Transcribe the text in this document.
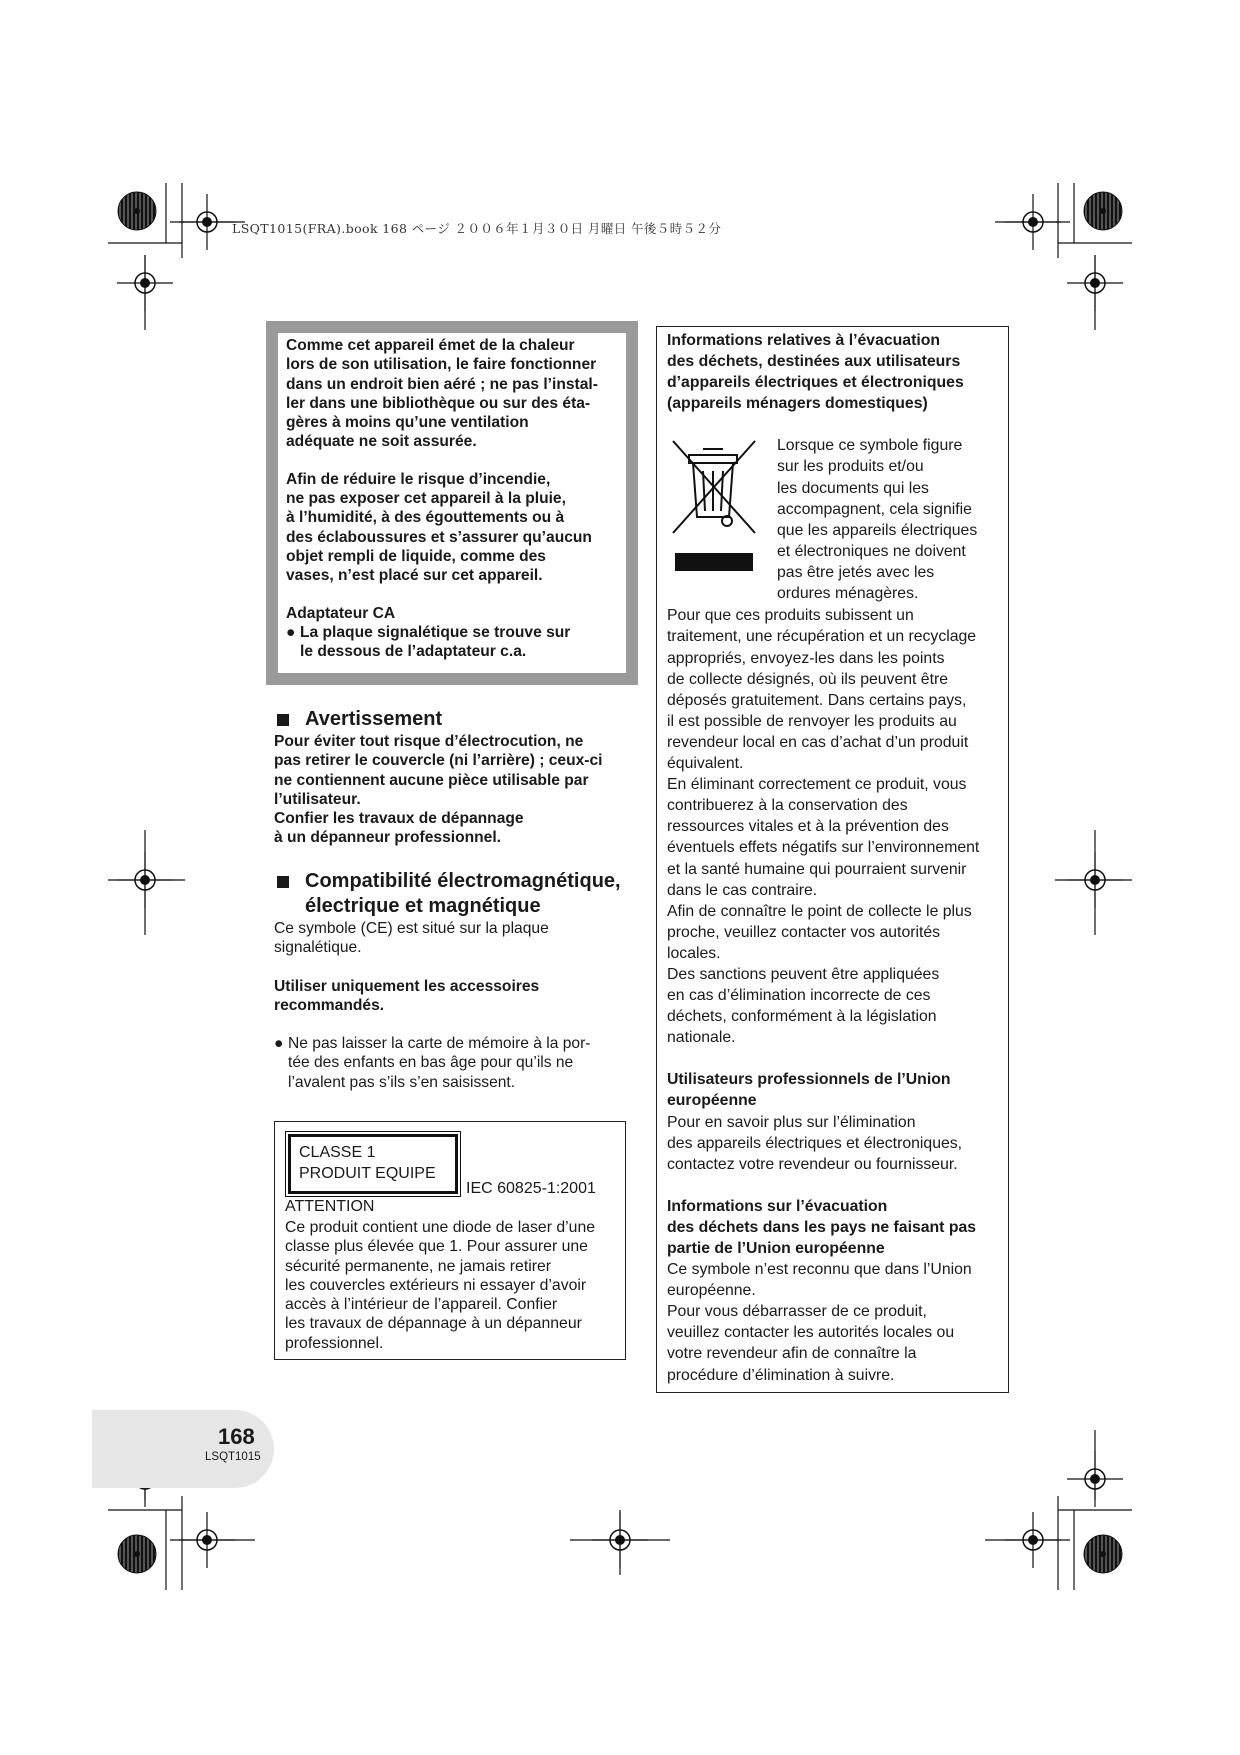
LSQT1015(FRA).book 168 ページ ２００６年１月３０日 月曜日 午後５時５２分

Comme cet appareil émet de la chaleur
lors de son utilisation, le faire fonctionner
dans un endroit bien aéré ; ne pas l’instal-
ler dans une bibliothèque ou sur des éta-
gères à moins qu’une ventilation
adéquate ne soit assurée.

Afin de réduire le risque d’incendie,
ne pas exposer cet appareil à la pluie,
à l’humidité, à des égouttements ou à
des éclaboussures et s’assurer qu’aucun
objet rempli de liquide, comme des
vases, n’est placé sur cet appareil.

Adaptateur CA
● La plaque signalétique se trouve sur
le dessous de l’adaptateur c.a.
Avertissement
Pour éviter tout risque d’électrocution, ne
pas retirer le couvercle (ni l’arrière) ; ceux-ci
ne contiennent aucune pièce utilisable par
l’utilisateur.
Confier les travaux de dépannage
à un dépanneur professionnel.
Compatibilité électromagnétique,
électrique et magnétique
Ce symbole (CE) est situé sur la plaque
signalétique.
Utiliser uniquement les accessoires
recommandés.
● Ne pas laisser la carte de mémoire à la por-
tée des enfants en bas âge pour qu’ils ne
l’avalent pas s’ils s’en saisissent.
CLASSE 1
PRODUIT EQUIPE
IEC 60825-1:2001
ATTENTION
Ce produit contient une diode de laser d’une
classe plus élevée que 1. Pour assurer une
sécurité permanente, ne jamais retirer
les couvercles extérieurs ni essayer d’avoir
accès à l’intérieur de l’appareil. Confier
les travaux de dépannage à un dépanneur
professionnel.
Informations relatives à l’évacuation
des déchets, destinées aux utilisateurs
d’appareils électriques et électroniques
(appareils ménagers domestiques)
Lorsque ce symbole figure
sur les produits et/ou
les documents qui les
accompagnent, cela signifie
que les appareils électriques
et électroniques ne doivent
pas être jetés avec les
ordures ménagères.
Pour que ces produits subissent un
traitement, une récupération et un recyclage
appropriés, envoyez-les dans les points
de collecte désignés, où ils peuvent être
déposés gratuitement. Dans certains pays,
il est possible de renvoyer les produits au
revendeur local en cas d’achat d’un produit
équivalent.
En éliminant correctement ce produit, vous
contribuerez à la conservation des
ressources vitales et à la prévention des
éventuels effets négatifs sur l’environnement
et la santé humaine qui pourraient survenir
dans le cas contraire.
Afin de connaître le point de collecte le plus
proche, veuillez contacter vos autorités
locales.
Des sanctions peuvent être appliquées
en cas d’élimination incorrecte de ces
déchets, conformément à la législation
nationale.
Utilisateurs professionnels de l’Union
européenne
Pour en savoir plus sur l’élimination
des appareils électriques et électroniques,
contactez votre revendeur ou fournisseur.
Informations sur l’évacuation
des déchets dans les pays ne faisant pas
partie de l’Union européenne
Ce symbole n’est reconnu que dans l’Union
européenne.
Pour vous débarrasser de ce produit,
veuillez contacter les autorités locales ou
votre revendeur afin de connaître la
procédure d’élimination à suivre.
168
LSQT1015
